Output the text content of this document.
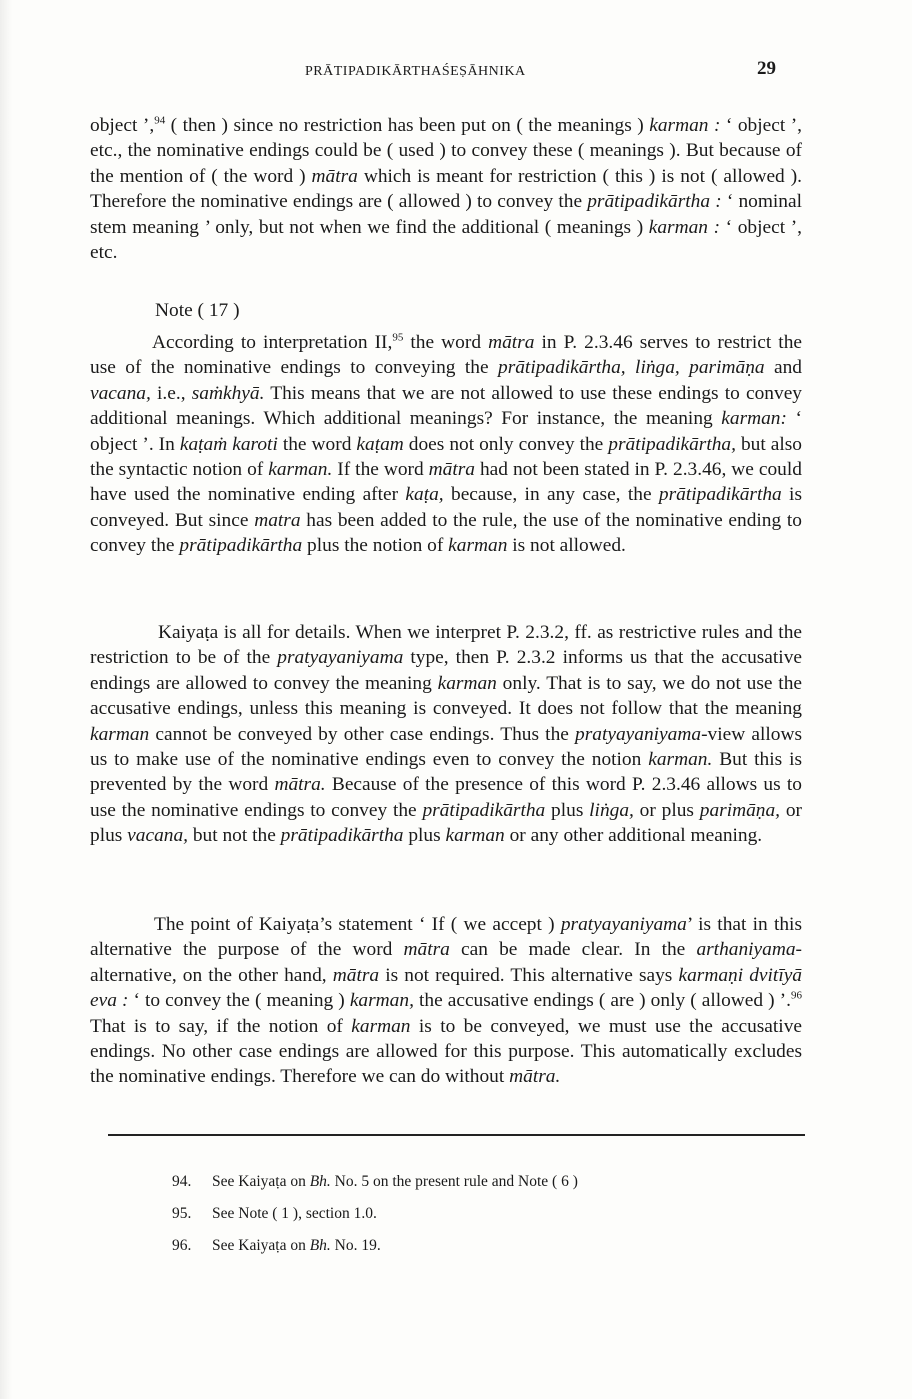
PRĀTIPADIKĀRTHAŚEṢĀHNIKA	29

object ’,$^{94}$ ( then ) since no restriction has been put on ( the meanings ) karman : ‘ object ’, etc., the nominative endings could be ( used ) to convey these ( meanings ). But because of the mention of ( the word ) mātra which is meant for restriction ( this ) is not ( allowed ). Therefore the nominative endings are ( allowed ) to convey the prātipadikārtha : ‘ nominal stem meaning ’ only, but not when we find the additional ( meanings ) karman : ‘ object ’, etc.

Note ( 17 )

According to interpretation II,$^{95}$ the word mātra in P. 2.3.46 serves to restrict the use of the nominative endings to conveying the prātipadikārtha, liṅga, parimāṇa and vacana, i.e., saṁkhyā. This means that we are not allowed to use these endings to convey additional meanings. Which additional meanings? For instance, the meaning karman: ‘ object ’. In kaṭaṁ karoti the word kaṭam does not only convey the prātipadikārtha, but also the syntactic notion of karman. If the word mātra had not been stated in P. 2.3.46, we could have used the nominative ending after kaṭa, because, in any case, the prātipadikārtha is conveyed. But since matra has been added to the rule, the use of the nominative ending to convey the prātipadikārtha plus the notion of karman is not allowed.

Kaiyaṭa is all for details. When we interpret P. 2.3.2, ff. as restrictive rules and the restriction to be of the pratyayaniyama type, then P. 2.3.2 informs us that the accusative endings are allowed to convey the meaning karman only. That is to say, we do not use the accusative endings, unless this meaning is conveyed. It does not follow that the meaning karman cannot be conveyed by other case endings. Thus the pratyayaniyama-view allows us to make use of the nominative endings even to convey the notion karman. But this is prevented by the word mātra. Because of the presence of this word P. 2.3.46 allows us to use the nominative endings to convey the prātipadikārtha plus liṅga, or plus parimāṇa, or plus vacana, but not the prātipadikārtha plus karman or any other additional meaning.

The point of Kaiyaṭa’s statement ‘ If ( we accept ) pratyayaniyama’ is that in this alternative the purpose of the word mātra can be made clear. In the arthaniyama-alternative, on the other hand, mātra is not required. This alternative says karmaṇi dvitīyā eva : ‘ to convey the ( meaning ) karman, the accusative endings ( are ) only ( allowed ) ’.$^{96}$ That is to say, if the notion of karman is to be conveyed, we must use the accusative endings. No other case endings are allowed for this purpose. This automatically excludes the nominative endings. Therefore we can do without mātra.

94. See Kaiyaṭa on Bh. No. 5 on the present rule and Note ( 6 )
95. See Note ( 1 ), section 1.0.
96. See Kaiyaṭa on Bh. No. 19.
